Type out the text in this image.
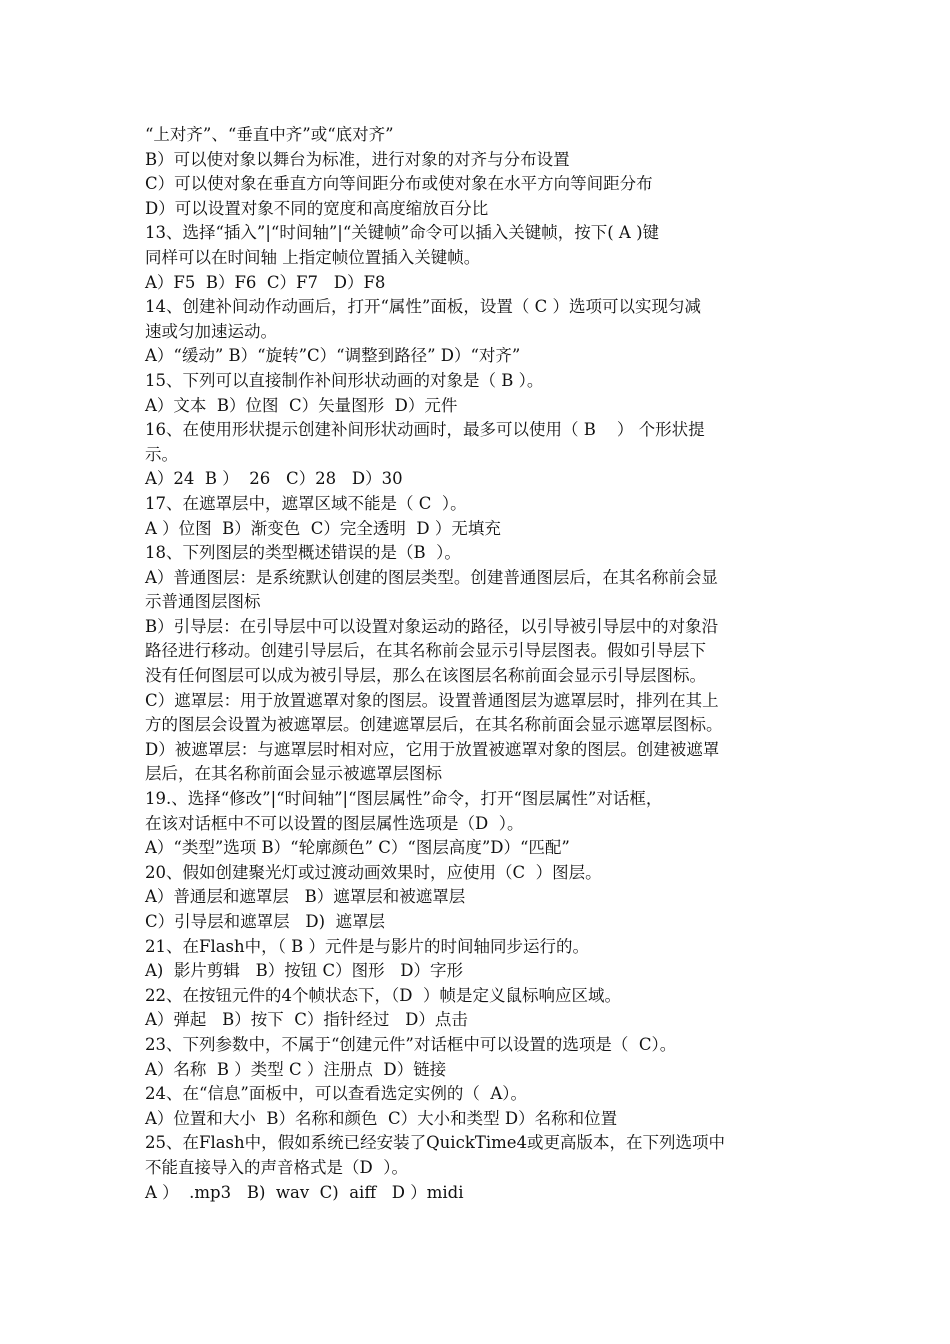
“上对齐”、“垂直中齐”或“底对齐”
B）可以使对象以舞台为标准，进行对象的对齐与分布设置
C）可以使对象在垂直方向等间距分布或使对象在水平方向等间距分布
D）可以设置对象不同的宽度和高度缩放百分比
13、选择“插入”|“时间轴”|“关键帧”命令可以插入关键帧，按下( A )键
同样可以在时间轴 上指定帧位置插入关键帧。
A）F5  B）F6  C）F7   D）F8
14、创建补间动作动画后，打开“属性”面板，设置（ C ）选项可以实现匀减
速或匀加速运动。
A）“缓动” B）“旋转”C）“调整到路径” D）“对齐”
15、下列可以直接制作补间形状动画的对象是（ B ）。
A）文本  B）位图  C）矢量图形  D）元件
16、在使用形状提示创建补间形状动画时，最多可以使用（ B    ） 个形状提
示。
A）24  B ）  26   C）28   D）30
17、在遮罩层中，遮罩区域不能是（ C  ）。
A ）位图  B）渐变色  C）完全透明  D ）无填充
18、下列图层的类型概述错误的是（B  ）。
A）普通图层：是系统默认创建的图层类型。创建普通图层后，在其名称前会显
示普通图层图标
B）引导层：在引导层中可以设置对象运动的路径，以引导被引导层中的对象沿
路径进行移动。创建引导层后，在其名称前会显示引导层图表。假如引导层下
没有任何图层可以成为被引导层，那么在该图层名称前面会显示引导层图标。
C）遮罩层：用于放置遮罩对象的图层。设置普通图层为遮罩层时，排列在其上
方的图层会设置为被遮罩层。创建遮罩层后，在其名称前面会显示遮罩层图标。
D）被遮罩层：与遮罩层时相对应，它用于放置被遮罩对象的图层。创建被遮罩
层后，在其名称前面会显示被遮罩层图标
19.、选择“修改”|“时间轴”|“图层属性”命令，打开“图层属性”对话框，
在该对话框中不可以设置的图层属性选项是（D  ）。
A）“类型”选项 B）“轮廓颜色” C）“图层高度”D）“匹配”
20、假如创建聚光灯或过渡动画效果时，应使用（C  ）图层。
A）普通层和遮罩层   B）遮罩层和被遮罩层
C）引导层和遮罩层   D)  遮罩层
21、在Flash中，（ B ）元件是与影片的时间轴同步运行的。
A)  影片剪辑   B）按钮 C）图形   D）字形
22、在按钮元件的4个帧状态下，（D  ）帧是定义鼠标响应区域。
A）弹起   B）按下  C）指针经过   D）点击
23、下列参数中，不属于“创建元件”对话框中可以设置的选项是（  C）。
A）名称  B ）类型 C ）注册点  D）链接
24、在“信息”面板中，可以查看选定实例的（  A）。
A）位置和大小  B）名称和颜色  C）大小和类型 D）名称和位置
25、在Flash中，假如系统已经安装了QuickTime4或更高版本，在下列选项中
不能直接导入的声音格式是（D  ）。
A ）  .mp3   B)  wav  C)  aiff   D ）midi
